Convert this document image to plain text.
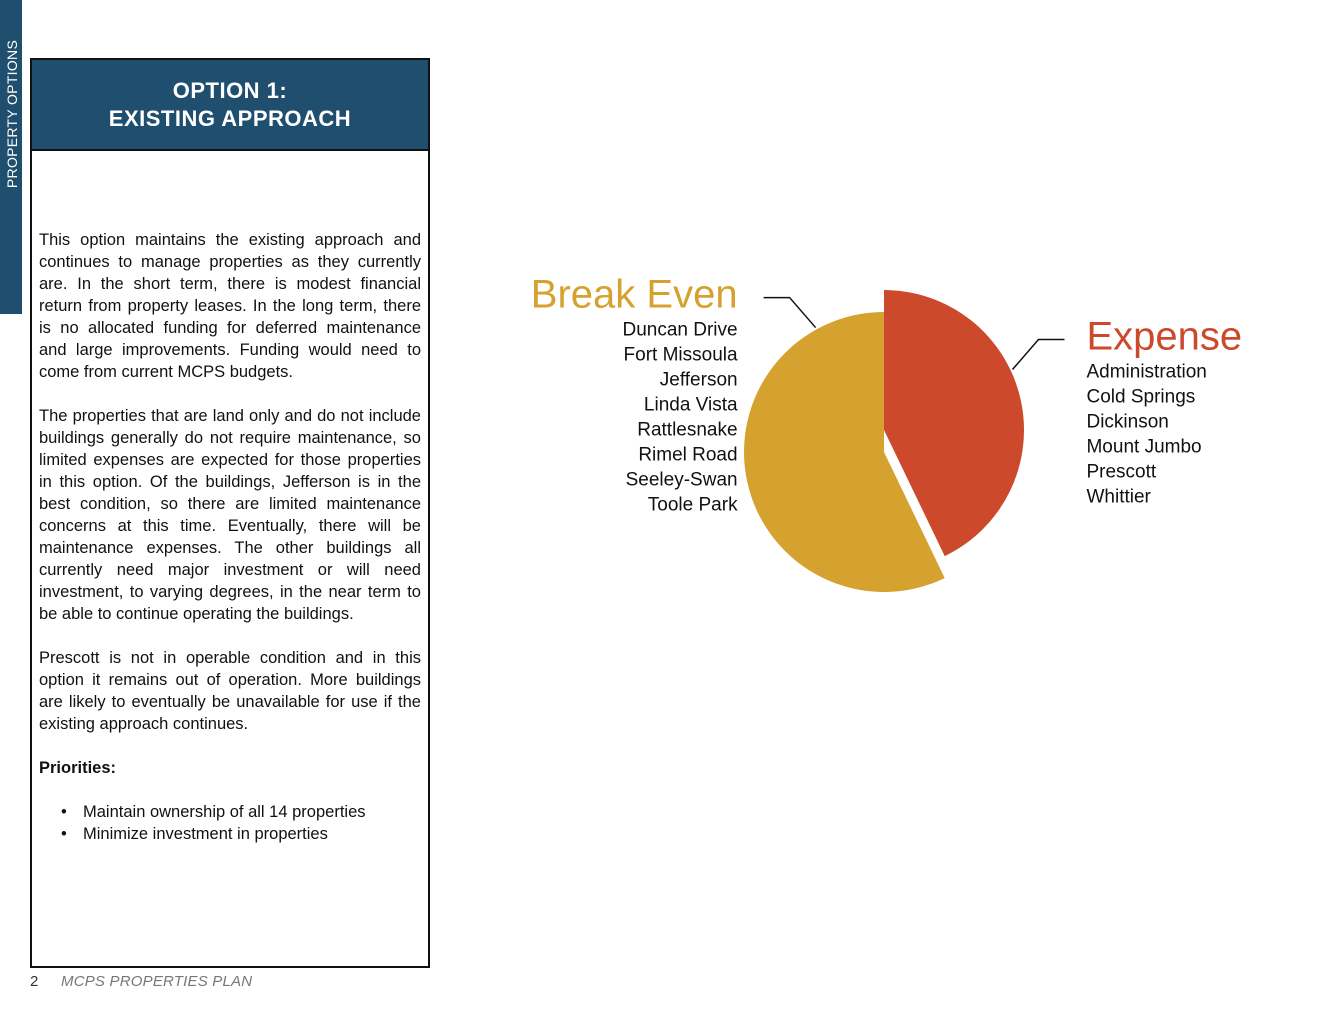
PROPERTY OPTIONS	OPTION 1:
EXISTING APPROACH

This option maintains the existing approach and continues to manage properties as they currently are. In the short term, there is modest financial return from property leases. In the long term, there is no allocated funding for deferred maintenance and large improvements. Funding would need to come from current MCPS budgets.

The properties that are land only and do not include buildings generally do not require maintenance, so limited expenses are expected for those properties in this option. Of the buildings, Jefferson is in the best condition, so there are limited maintenance concerns at this time. Eventually, there will be maintenance expenses. The other buildings all currently need major investment or will need investment, to varying degrees, in the near term to be able to continue operating the buildings.

Prescott is not in operable condition and in this option it remains out of operation. More buildings are likely to eventually be unavailable for use if the existing approach continues.

Priorities:
• Maintain ownership of all 14 properties
• Minimize investment in properties
Expense
Administration
Cold Springs
Dickinson
Mount Jumbo
Prescott
Whittier
Break Even
Duncan Drive
Fort Missoula
Jefferson
Linda Vista
Rattlesnake
Rimel Road
Seeley-Swan
Toole Park
2 MCPS PROPERTIES PLAN
